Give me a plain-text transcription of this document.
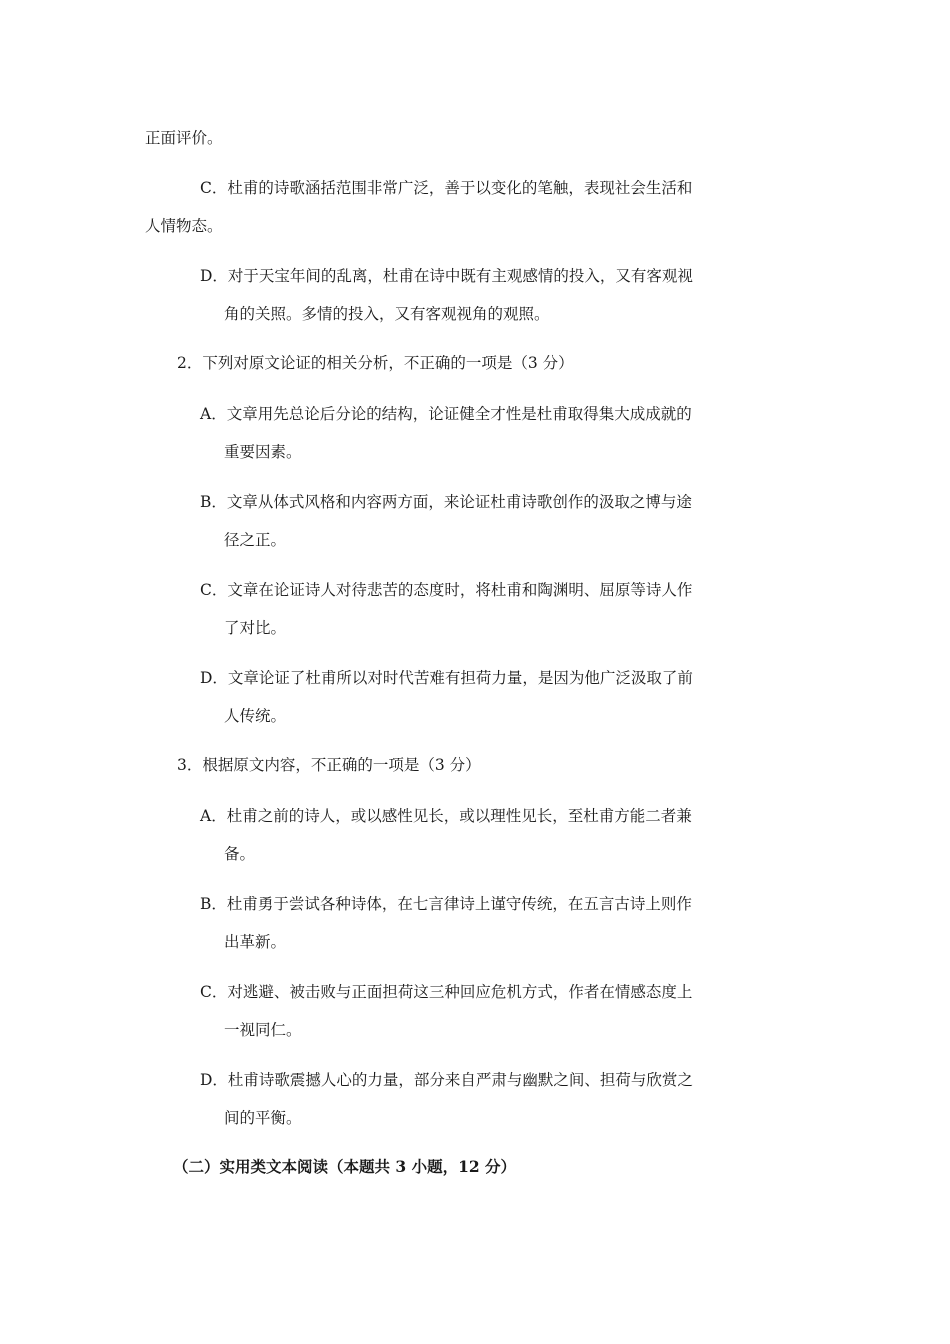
正面评价。
C．杜甫的诗歌涵括范围非常广泛，善于以变化的笔触，表现社会生活和
人情物态。
D．对于天宝年间的乱离，杜甫在诗中既有主观感情的投入，又有客观视
角的关照。多情的投入，又有客观视角的观照。
2．下列对原文论证的相关分析，不正确的一项是（3 分）
A．文章用先总论后分论的结构，论证健全才性是杜甫取得集大成成就的
重要因素。
B．文章从体式风格和内容两方面，来论证杜甫诗歌创作的汲取之博与途
径之正。
C．文章在论证诗人对待悲苦的态度时，将杜甫和陶渊明、屈原等诗人作
了对比。
D．文章论证了杜甫所以对时代苦难有担荷力量，是因为他广泛汲取了前
人传统。
3．根据原文内容，不正确的一项是（3 分）
A．杜甫之前的诗人，或以感性见长，或以理性见长，至杜甫方能二者兼
备。
B．杜甫勇于尝试各种诗体，在七言律诗上谨守传统，在五言古诗上则作
出革新。
C．对逃避、被击败与正面担荷这三种回应危机方式，作者在情感态度上
一视同仁。
D．杜甫诗歌震撼人心的力量，部分来自严肃与幽默之间、担荷与欣赏之
间的平衡。
（二）实用类文本阅读（本题共 3 小题，12 分）
